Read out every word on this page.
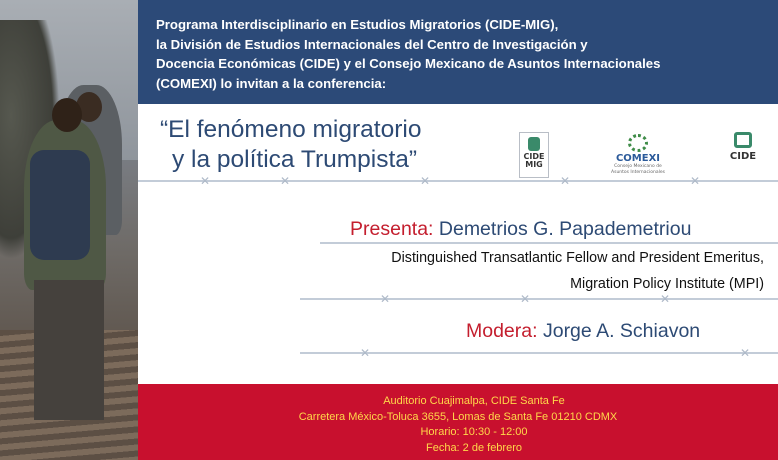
Programa Interdisciplinario en Estudios Migratorios (CIDE-MIG),
la División de Estudios Internacionales del Centro de Investigación y
Docencia Económicas (CIDE) y el Consejo Mexicano de Asuntos Internacionales
(COMEXI) lo invitan a la conferencia:
✕	✕	✕	✕	✕
✕	✕	✕
✕	✕
“El fenómeno migratorio
y la política Trumpista”	CIDE
MIG
COMEXI
Consejo Mexicano de Asuntos Internacionales
CIDE
Presenta: Demetrios G. Papademetriou
Distinguished Transatlantic Fellow and President Emeritus,
Migration Policy Institute (MPI)
Modera: Jorge A. Schiavon
Auditorio Cuajimalpa, CIDE Santa Fe
Carretera México-Toluca 3655, Lomas de Santa Fe 01210 CDMX
Horario: 10:30 - 12:00
Fecha: 2 de febrero
